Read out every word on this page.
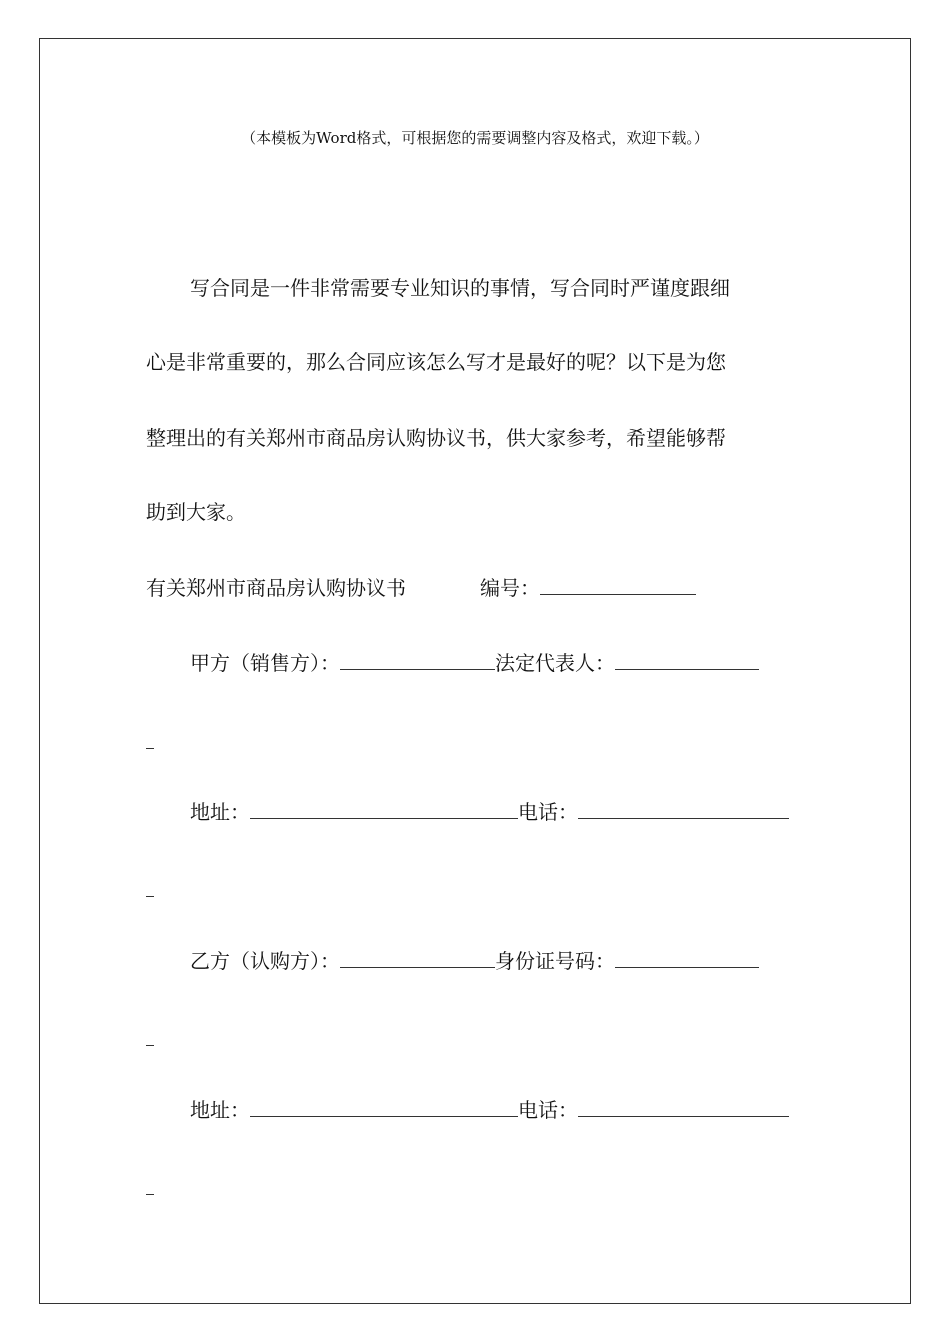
（本模板为Word格式，可根据您的需要调整内容及格式，欢迎下载。）
写合同是一件非常需要专业知识的事情，写合同时严谨度跟细
心是非常重要的，那么合同应该怎么写才是最好的呢？以下是为您
整理出的有关郑州市商品房认购协议书，供大家参考，希望能够帮
助到大家。
有关郑州市商品房认购协议书	编号：
甲方（销售方）：	法定代表人：
地址：	电话：
乙方（认购方）：	身份证号码：
地址：	电话：
